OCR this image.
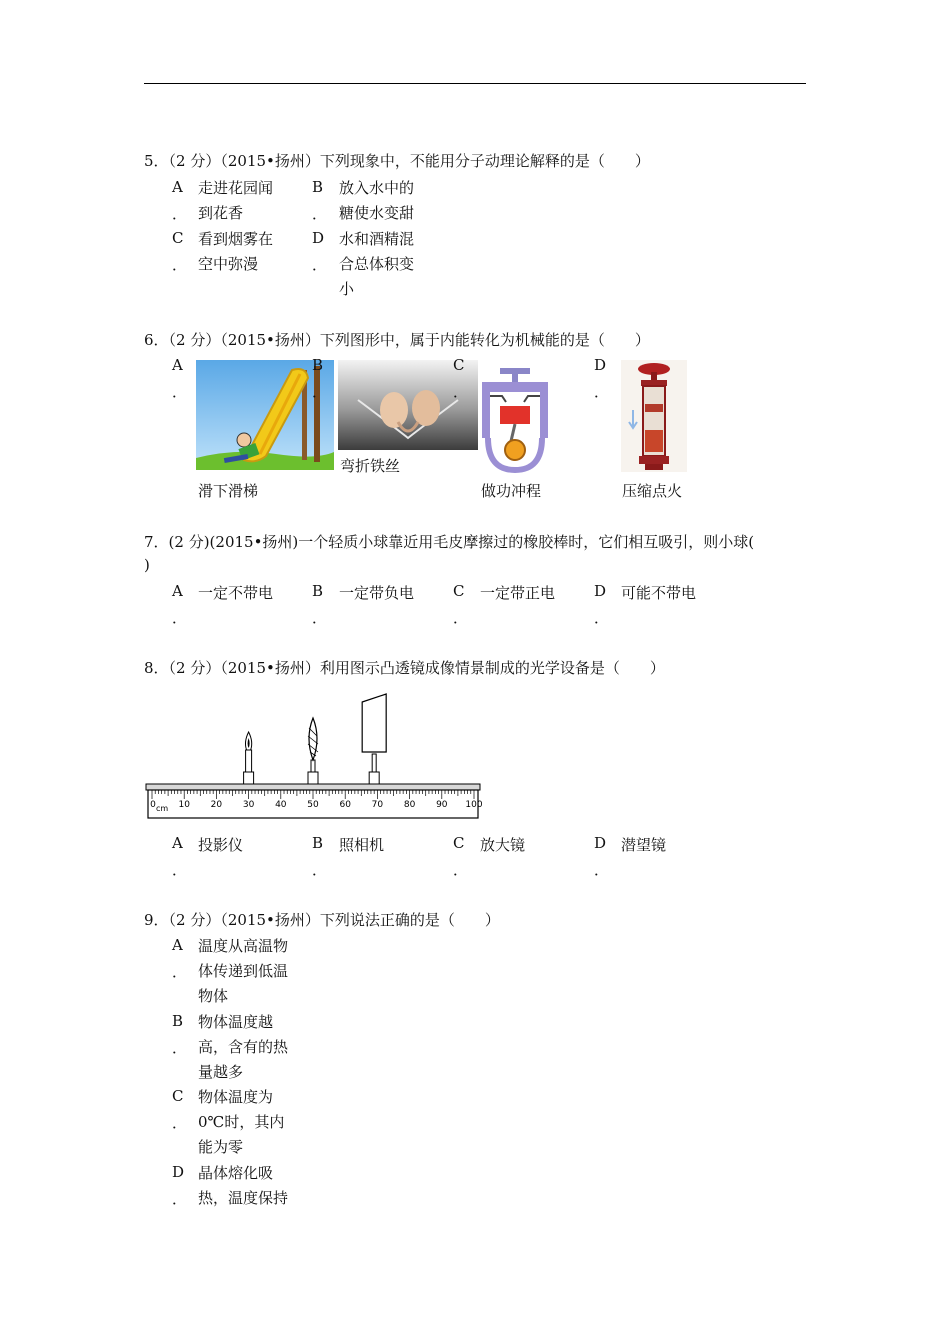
5．（2 分）（2015•扬州）下列现象中，不能用分子动理论解释的是（　　）
A
．
走进花园闻到花香
B
．
放入水中的糖使水变甜
C
．
看到烟雾在空中弥漫
D
．
水和酒精混合总体积变小
6．（2 分）（2015•扬州）下列图形中，属于内能转化为机械能的是（　　）
A
．
滑下滑梯
B
．
弯折铁丝
C
．
做功冲程
D
．
压缩点火
7．(2 分)(2015•扬州)一个轻质小球靠近用毛皮摩擦过的橡胶棒时，它们相互吸引，则小球(
)
A
．
一定不带电	B
．
一定带负电	C
．
一定带正电	D
．
可能不带电
8．（2 分）（2015•扬州）利用图示凸透镜成像情景制成的光学设备是（　　）
0	10 20 30 40 50 60 70 80 90 100
cm
A
．
投影仪	B
．
照相机	C
．
放大镜	D
．
潜望镜
9．（2 分）（2015•扬州）下列说法正确的是（　　）
A
．
温度从高温物体传递到低温物体
B
．
物体温度越高，含有的热量越多
C
．
物体温度为0℃时，其内能为零
D
．
晶体熔化吸热，温度保持
